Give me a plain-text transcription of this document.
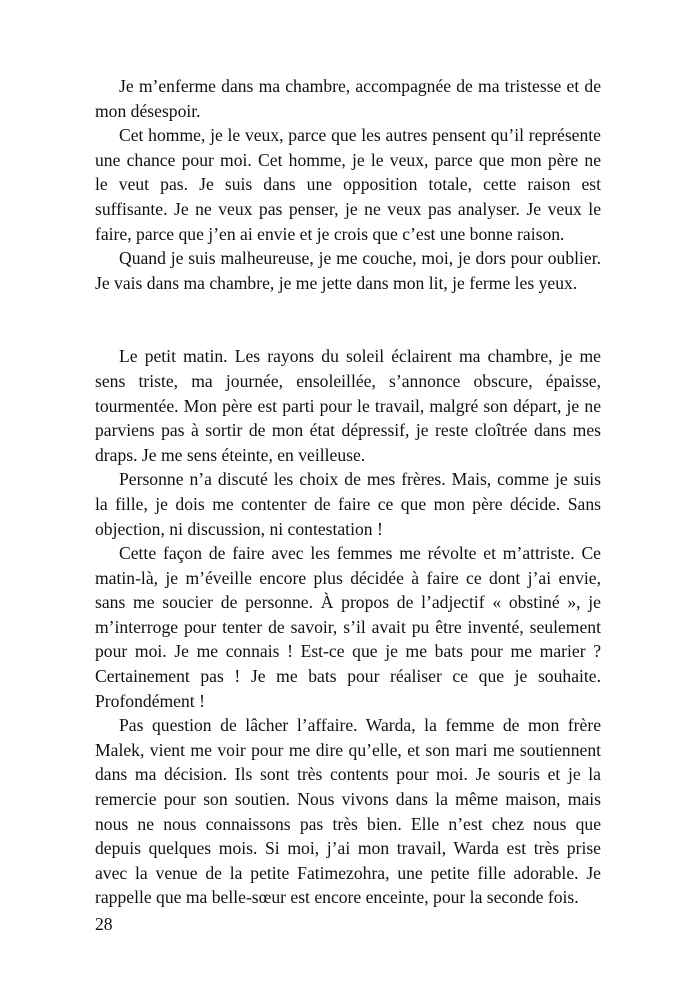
Je m’enferme dans ma chambre, accompagnée de ma tristesse et de
mon désespoir.
Cet homme, je le veux, parce que les autres pensent qu’il représente
une chance pour moi. Cet homme, je le veux, parce que mon père ne
le veut pas. Je suis dans une opposition totale, cette raison est
suffisante. Je ne veux pas penser, je ne veux pas analyser. Je veux le
faire, parce que j’en ai envie et je crois que c’est une bonne raison.
Quand je suis malheureuse, je me couche, moi, je dors pour oublier.
Je vais dans ma chambre, je me jette dans mon lit, je ferme les yeux.
Le petit matin. Les rayons du soleil éclairent ma chambre, je me
sens triste, ma journée, ensoleillée, s’annonce obscure, épaisse,
tourmentée. Mon père est parti pour le travail, malgré son départ, je ne
parviens pas à sortir de mon état dépressif, je reste cloîtrée dans mes
draps. Je me sens éteinte, en veilleuse.
Personne n’a discuté les choix de mes frères. Mais, comme je suis
la fille, je dois me contenter de faire ce que mon père décide. Sans
objection, ni discussion, ni contestation !
Cette façon de faire avec les femmes me révolte et m’attriste. Ce
matin-là, je m’éveille encore plus décidée à faire ce dont j’ai envie,
sans me soucier de personne. À propos de l’adjectif « obstiné », je
m’interroge pour tenter de savoir, s’il avait pu être inventé, seulement
pour moi. Je me connais ! Est-ce que je me bats pour me marier ?
Certainement pas ! Je me bats pour réaliser ce que je souhaite.
Profondément !
Pas question de lâcher l’affaire. Warda, la femme de mon frère
Malek, vient me voir pour me dire qu’elle, et son mari me soutiennent
dans ma décision. Ils sont très contents pour moi. Je souris et je la
remercie pour son soutien. Nous vivons dans la même maison, mais
nous ne nous connaissons pas très bien. Elle n’est chez nous que
depuis quelques mois. Si moi, j’ai mon travail, Warda est très prise
avec la venue de la petite Fatimezohra, une petite fille adorable. Je
rappelle que ma belle-sœur est encore enceinte, pour la seconde fois.
28
